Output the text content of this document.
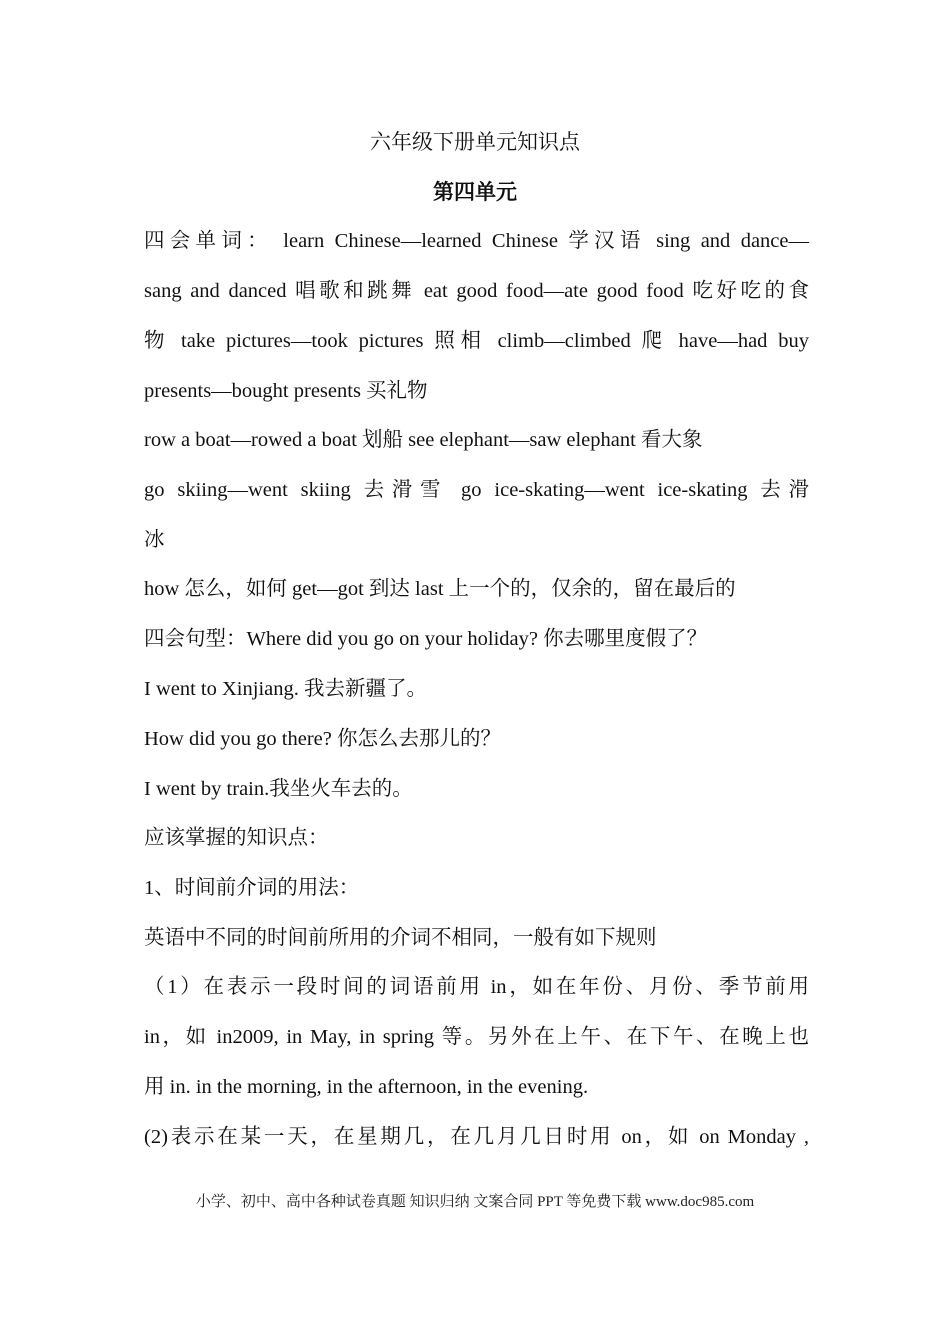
六年级下册单元知识点
第四单元
四会单词： learn Chinese—learned Chinese 学汉语 sing and dance—
sang and danced 唱歌和跳舞 eat good food—ate good food 吃好吃的食
物 take pictures—took pictures 照相 climb—climbed 爬 have—had buy
presents—bought presents 买礼物
row a boat—rowed a boat 划船 see elephant—saw elephant 看大象
go skiing—went skiing 去滑雪 go ice-skating—went ice-skating 去滑
冰
how 怎么，如何 get—got 到达 last 上一个的，仅余的，留在最后的
四会句型：Where did you go on your holiday? 你去哪里度假了？
I went to Xinjiang. 我去新疆了。
How did you go there? 你怎么去那儿的？
I went by train.我坐火车去的。
应该掌握的知识点：
1、时间前介词的用法：
英语中不同的时间前所用的介词不相同，一般有如下规则
（1）在表示一段时间的词语前用 in，如在年份、月份、季节前用
in，如 in2009, in May, in spring 等。另外在上午、在下午、在晚上也
用 in. in the morning, in the afternoon, in the evening.
(2)表示在某一天，在星期几，在几月几日时用 on，如 on Monday ,
小学、初中、高中各种试卷真题 知识归纳 文案合同 PPT 等免费下载 www.doc985.com
